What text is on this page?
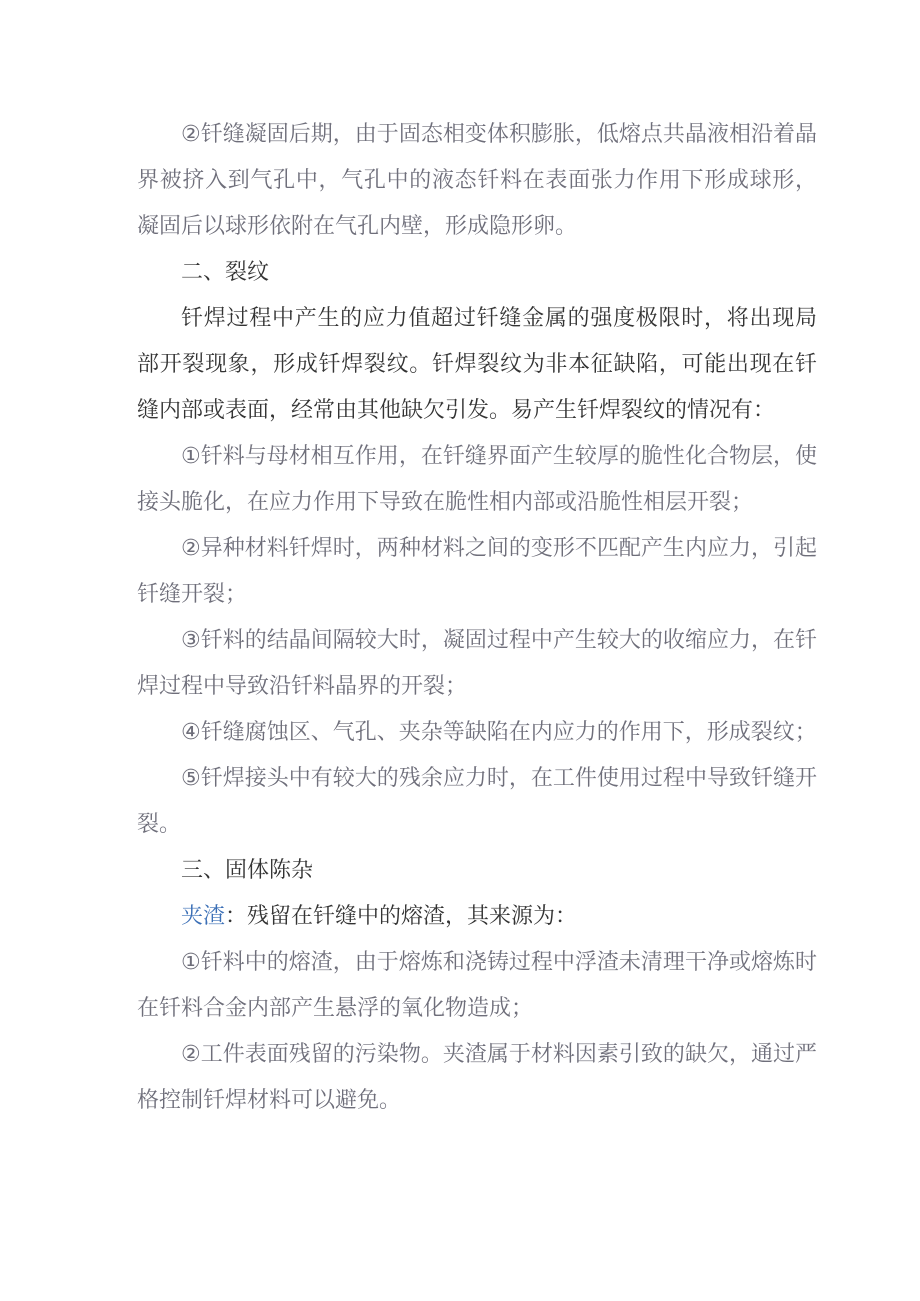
②钎缝凝固后期，由于固态相变体积膨胀，低熔点共晶液相沿着晶界被挤入到气孔中，气孔中的液态钎料在表面张力作用下形成球形，凝固后以球形依附在气孔内壁，形成隐形卵。

二、裂纹

钎焊过程中产生的应力值超过钎缝金属的强度极限时，将出现局部开裂现象，形成钎焊裂纹。钎焊裂纹为非本征缺陷，可能出现在钎缝内部或表面，经常由其他缺欠引发。易产生钎焊裂纹的情况有：

①钎料与母材相互作用，在钎缝界面产生较厚的脆性化合物层，使接头脆化，在应力作用下导致在脆性相内部或沿脆性相层开裂；

②异种材料钎焊时，两种材料之间的变形不匹配产生内应力，引起钎缝开裂；

③钎料的结晶间隔较大时，凝固过程中产生较大的收缩应力，在钎焊过程中导致沿钎料晶界的开裂；

④钎缝腐蚀区、气孔、夹杂等缺陷在内应力的作用下，形成裂纹；

⑤钎焊接头中有较大的残余应力时，在工件使用过程中导致钎缝开裂。

三、固体陈杂

夹渣：残留在钎缝中的熔渣，其来源为：

①钎料中的熔渣，由于熔炼和浇铸过程中浮渣未清理干净或熔炼时在钎料合金内部产生悬浮的氧化物造成；

②工件表面残留的污染物。夹渣属于材料因素引致的缺欠，通过严格控制钎焊材料可以避免。
